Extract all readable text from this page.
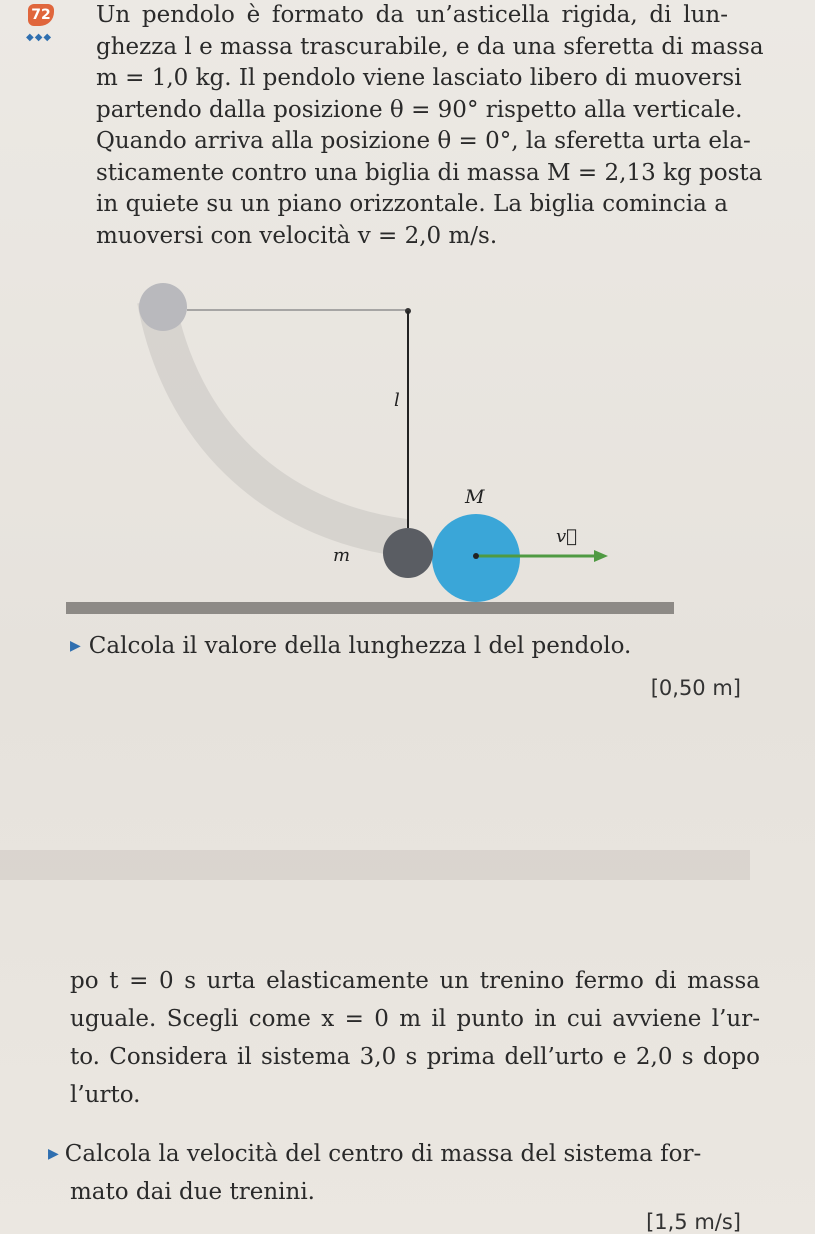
72
◆◆◆
Un pendolo è formato da un’asticella rigida, di lun-
ghezza l e massa trascurabile, e da una sferetta di massa
m = 1,0 kg. Il pendolo viene lasciato libero di muoversi
partendo dalla posizione θ = 90° rispetto alla verticale.
Quando arriva alla posizione θ = 0°, la sferetta urta ela-
sticamente contro una biglia di massa M = 2,13 kg posta
in quiete su un piano orizzontale. La biglia comincia a
muoversi con velocità v = 2,0 m/s.
l
M
m
v⃗
▶ Calcola il valore della lunghezza l del pendolo.
[0,50 m]
po t = 0 s urta elasticamente un trenino fermo di massa
uguale. Scegli come x = 0 m il punto in cui avviene l’ur-
to. Considera il sistema 3,0 s prima dell’urto e 2,0 s dopo
l’urto.
▶ Calcola la velocità del centro di massa del sistema for-
mato dai due trenini.
[1,5 m/s]
